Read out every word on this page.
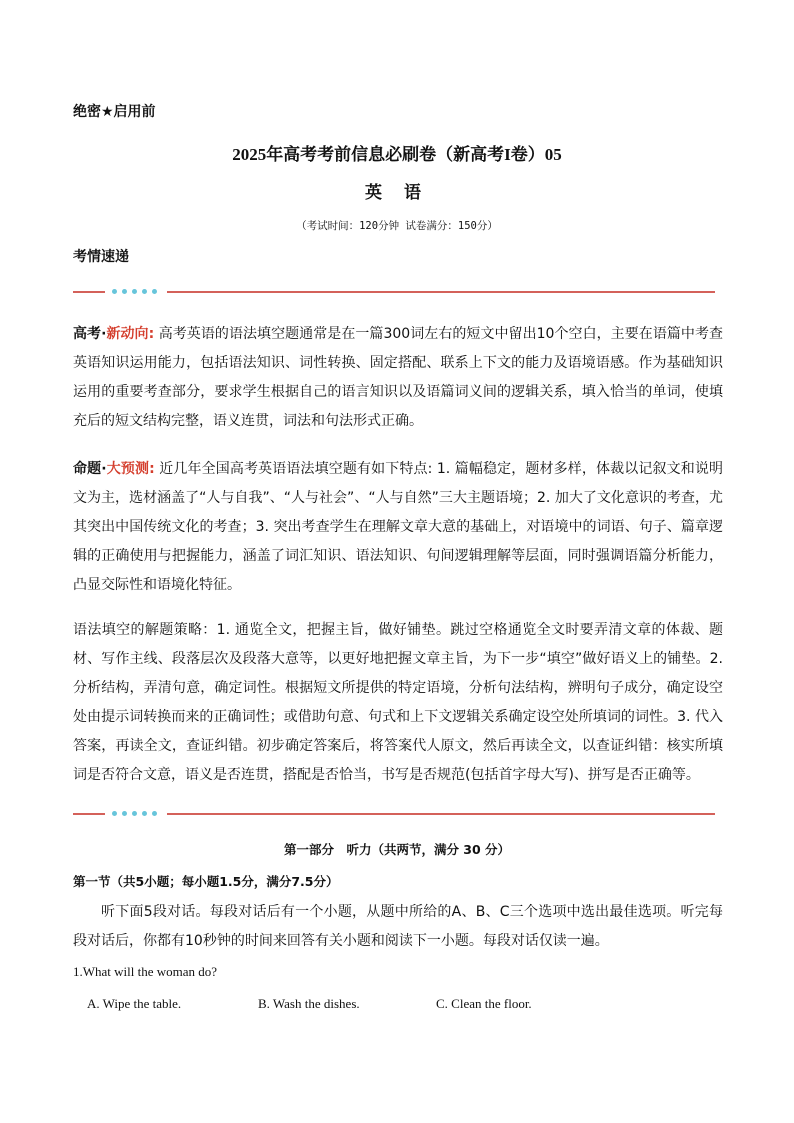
绝密★启用前
2025年高考考前信息必刷卷（新高考I卷）05
英 语
（考试时间：120分钟 试卷满分：150分）
考情速递
高考·新动向: 高考英语的语法填空题通常是在一篇300词左右的短文中留出10个空白，主要在语篇中考查英语知识运用能力，包括语法知识、词性转换、固定搭配、联系上下文的能力及语境语感。作为基础知识运用的重要考查部分，要求学生根据自己的语言知识以及语篇词义间的逻辑关系，填入恰当的单词，使填充后的短文结构完整，语义连贯，词法和句法形式正确。
命题·大预测: 近几年全国高考英语语法填空题有如下特点: 1. 篇幅稳定，题材多样，体裁以记叙文和说明文为主，选材涵盖了“人与自我”、“人与社会”、“人与自然”三大主题语境；2. 加大了文化意识的考查，尤其突出中国传统文化的考查；3. 突出考查学生在理解文章大意的基础上，对语境中的词语、句子、篇章逻辑的正确使用与把握能力，涵盖了词汇知识、语法知识、句间逻辑理解等层面，同时强调语篇分析能力，凸显交际性和语境化特征。
语法填空的解题策略：1. 通览全文，把握主旨，做好铺垫。跳过空格通览全文时要弄清文章的体裁、题材、写作主线、段落层次及段落大意等，以更好地把握文章主旨，为下一步“填空”做好语义上的铺垫。2. 分析结构，弄清句意，确定词性。根据短文所提供的特定语境，分析句法结构，辨明句子成分，确定设空处由提示词转换而来的正确词性；或借助句意、句式和上下文逻辑关系确定设空处所填词的词性。3. 代入答案，再读全文，查证纠错。初步确定答案后，将答案代人原文，然后再读全文，以查证纠错：核实所填词是否符合文意，语义是否连贯，搭配是否恰当，书写是否规范(包括首字母大写)、拼写是否正确等。
第一部分　听力（共两节，满分 30 分）
第一节（共5小题；每小题1.5分，满分7.5分）
听下面5段对话。每段对话后有一个小题，从题中所给的A、B、C三个选项中选出最佳选项。听完每段对话后，你都有10秒钟的时间来回答有关小题和阅读下一小题。每段对话仅读一遍。
1.What will the woman do?
A. Wipe the table.	B. Wash the dishes.	C. Clean the floor.
